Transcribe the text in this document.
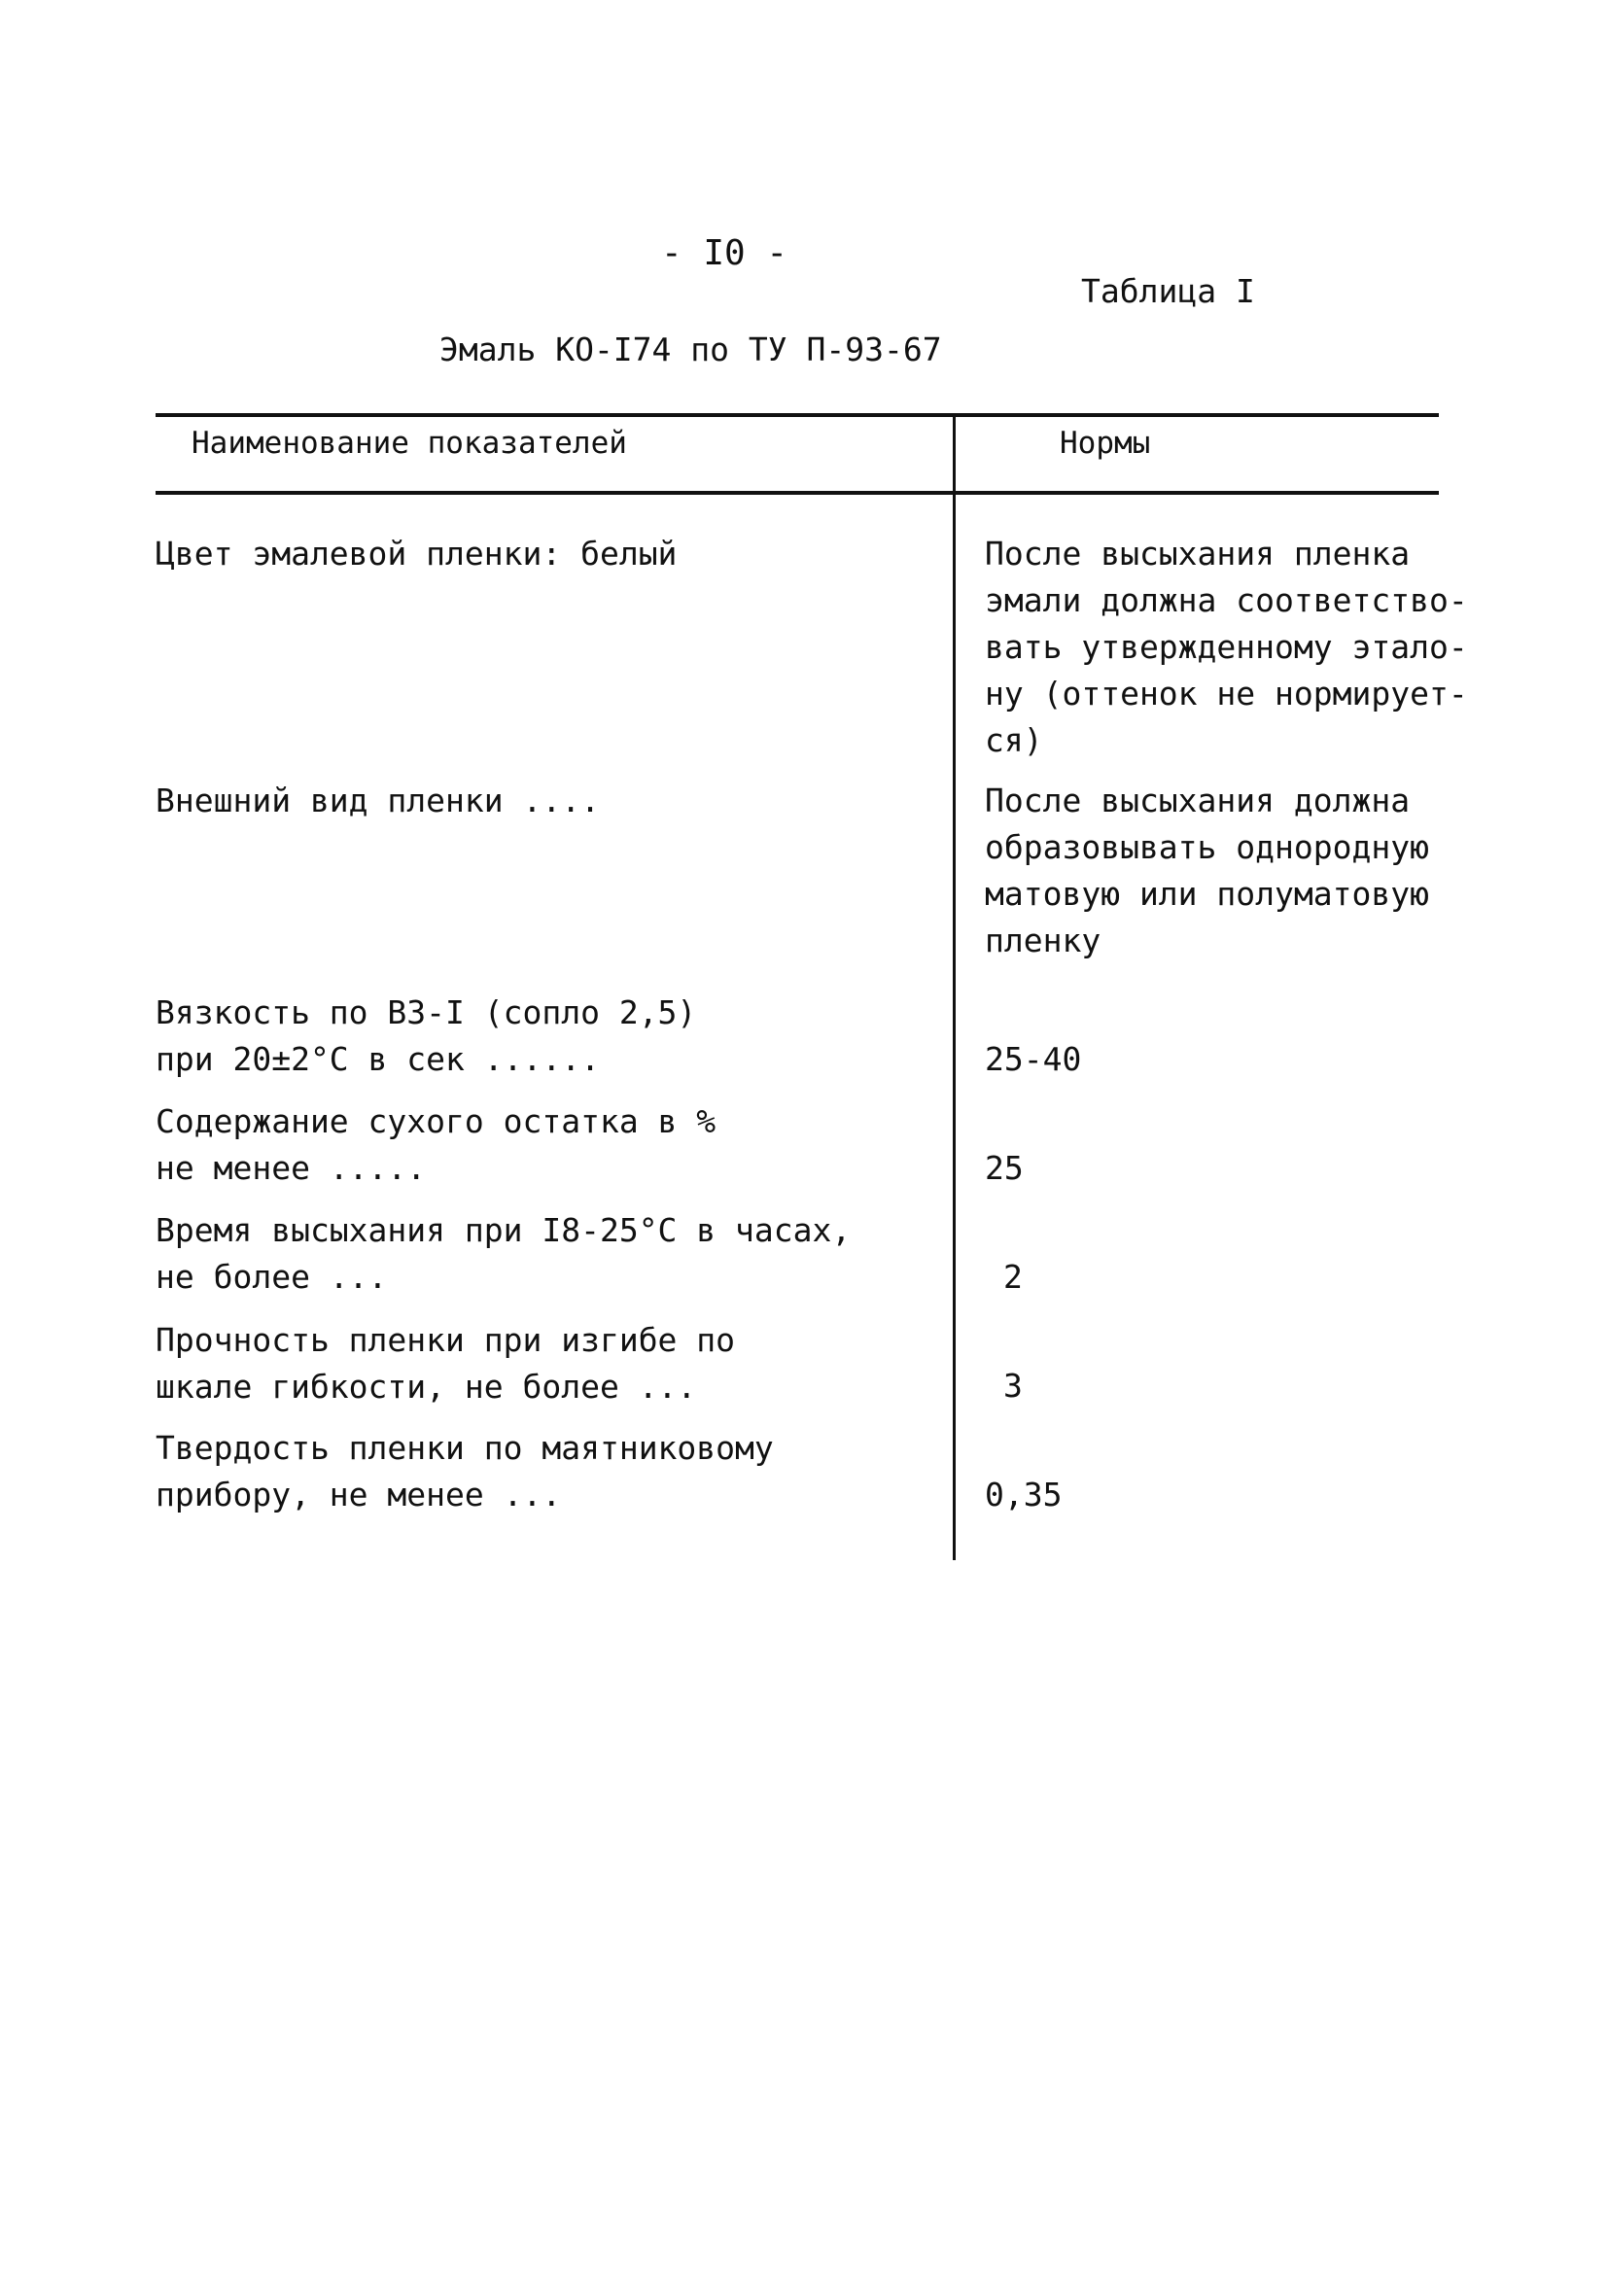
- I0 -
Таблица I
Эмаль КО-I74 по ТУ П-93-67
Наименование показателей	Нормы
Цвет эмалевой пленки: белый	После высыхания пленка
эмали должна соответство-
вать утвержденному эталo-
ну (оттенок не нормирует-
ся)
Внешний вид пленки ....	После высыхания должна
образовывать однородную
матовую или полуматовую
пленку
Вязкость по ВЗ-I (сопло 2,5)
при 20±2°С в сек ......	25-40
Содержание сухого остатка в %
не менее .....	25
Время высыхания при I8-25°С в часах,
не более ...	2
Прочность пленки при изгибе по
шкале гибкости, не более ...	3
Твердость пленки по маятниковому
прибору, не менее ...	0,35
